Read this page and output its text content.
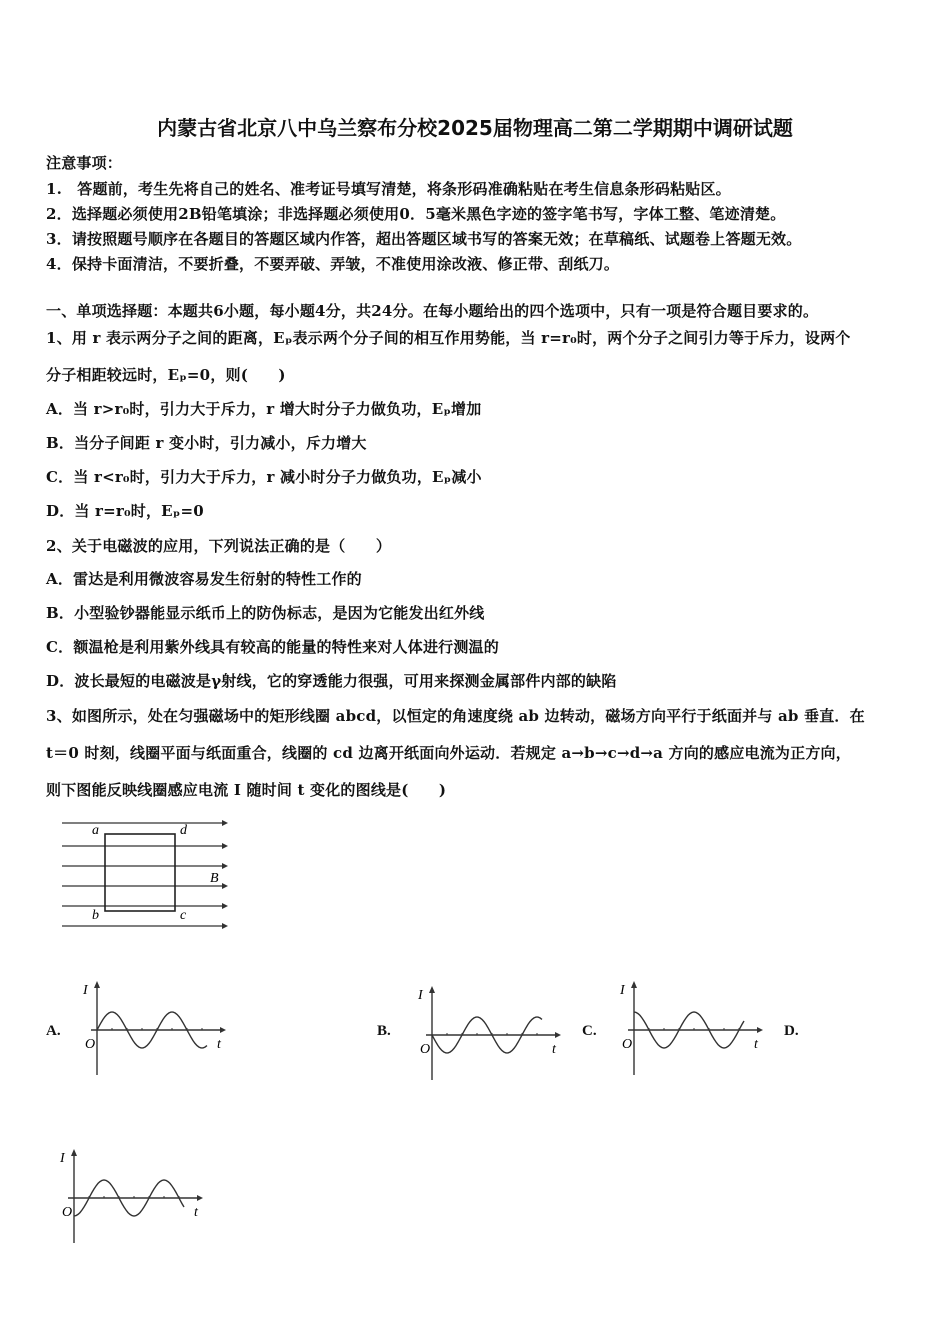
内蒙古省北京八中乌兰察布分校2025届物理高二第二学期期中调研试题
注意事项：
1.　答题前，考生先将自己的姓名、准考证号填写清楚，将条形码准确粘贴在考生信息条形码粘贴区。
2．选择题必须使用2B铅笔填涂；非选择题必须使用0．5毫米黑色字迹的签字笔书写，字体工整、笔迹清楚。
3．请按照题号顺序在各题目的答题区域内作答，超出答题区域书写的答案无效；在草稿纸、试题卷上答题无效。
4．保持卡面清洁，不要折叠，不要弄破、弄皱，不准使用涂改液、修正带、刮纸刀。
一、单项选择题：本题共6小题，每小题4分，共24分。在每小题给出的四个选项中，只有一项是符合题目要求的。
1、用 r 表示两分子之间的距离，Eₚ表示两个分子间的相互作用势能，当 r=r₀时，两个分子之间引力等于斥力，设两个
分子相距较远时，Eₚ=0，则(　　)
A．当 r>r₀时，引力大于斥力，r 增大时分子力做负功，Eₚ增加
B．当分子间距 r 变小时，引力减小，斥力增大
C．当 r<r₀时，引力大于斥力，r 减小时分子力做负功，Eₚ减小
D．当 r=r₀时，Eₚ=0
2、关于电磁波的应用，下列说法正确的是（　　）
A．雷达是利用微波容易发生衍射的特性工作的
B．小型验钞器能显示纸币上的防伪标志，是因为它能发出红外线
C．额温枪是利用紫外线具有较高的能量的特性来对人体进行测温的
D．波长最短的电磁波是γ射线，它的穿透能力很强，可用来探测金属部件内部的缺陷
3、如图所示，处在匀强磁场中的矩形线圈 abcd，以恒定的角速度绕 ab 边转动，磁场方向平行于纸面并与 ab 垂直．在
t＝0 时刻，线圈平面与纸面重合，线圈的 cd 边离开纸面向外运动．若规定 a→b→c→d→a 方向的感应电流为正方向，
则下图能反映线圈感应电流 I 随时间 t 变化的图线是(　　)
a	d
b	c
B
A.	B.	C.	D.
I
t
O
I
t
O
I
t
O
I
t
O
